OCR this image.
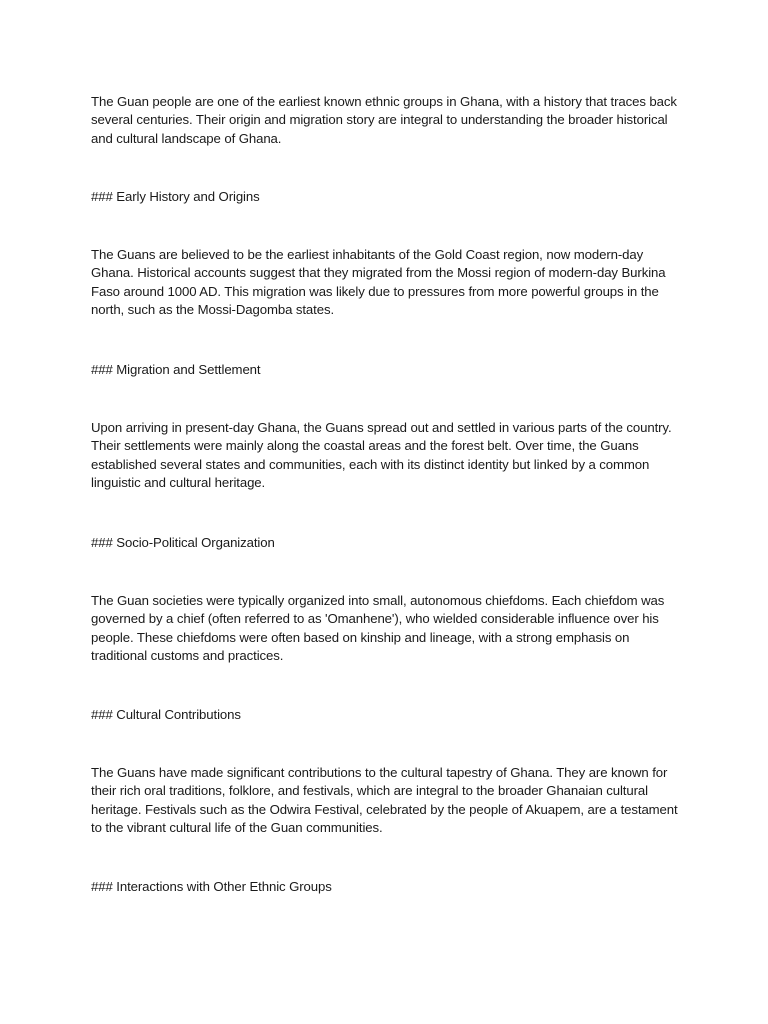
The Guan people are one of the earliest known ethnic groups in Ghana, with a history that traces back several centuries. Their origin and migration story are integral to understanding the broader historical and cultural landscape of Ghana.

### Early History and Origins

The Guans are believed to be the earliest inhabitants of the Gold Coast region, now modern-day Ghana. Historical accounts suggest that they migrated from the Mossi region of modern-day Burkina Faso around 1000 AD. This migration was likely due to pressures from more powerful groups in the north, such as the Mossi-Dagomba states.

### Migration and Settlement

Upon arriving in present-day Ghana, the Guans spread out and settled in various parts of the country. Their settlements were mainly along the coastal areas and the forest belt. Over time, the Guans established several states and communities, each with its distinct identity but linked by a common linguistic and cultural heritage.

### Socio-Political Organization

The Guan societies were typically organized into small, autonomous chiefdoms. Each chiefdom was governed by a chief (often referred to as 'Omanhene'), who wielded considerable influence over his people. These chiefdoms were often based on kinship and lineage, with a strong emphasis on traditional customs and practices.

### Cultural Contributions

The Guans have made significant contributions to the cultural tapestry of Ghana. They are known for their rich oral traditions, folklore, and festivals, which are integral to the broader Ghanaian cultural heritage. Festivals such as the Odwira Festival, celebrated by the people of Akuapem, are a testament to the vibrant cultural life of the Guan communities.

### Interactions with Other Ethnic Groups
